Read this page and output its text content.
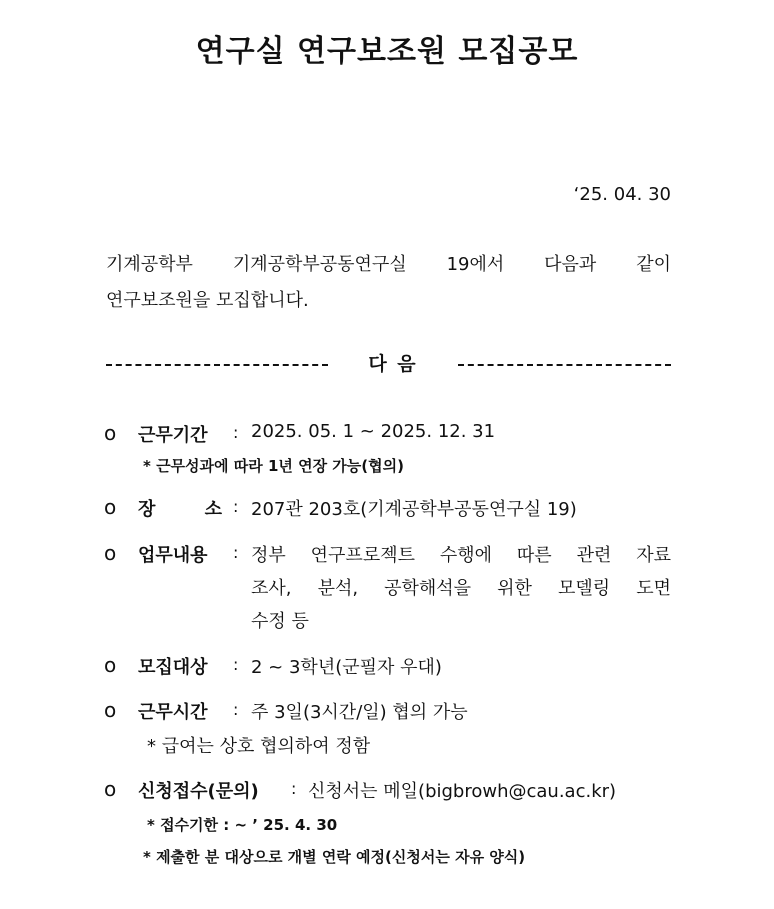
연구실 연구보조원 모집공모
‘25. 04. 30
기계공학부 기계공학부공동연구실 19에서 다음과 같이
연구보조원을 모집합니다.
다 음
o 근무기간 : 2025. 05. 1 ~ 2025. 12. 31
* 근무성과에 따라 1년 연장 가능(협의)
o 장	소 : 207관 203호(기계공학부공동연구실 19)
o 업무내용 : 정부 연구프로젝트 수행에 따른 관련 자료
조사, 분석, 공학해석을 위한 모델링 도면
수정 등
o 모집대상 : 2 ~ 3학년(군필자 우대)
o 근무시간 : 주 3일(3시간/일) 협의 가능
* 급여는 상호 협의하여 정함
o 신청접수(문의) : 신청서는 메일(bigbrowh@cau.ac.kr)
* 접수기한 : ~ ’ 25. 4. 30
* 제출한 분 대상으로 개별 연락 예정(신청서는 자유 양식)
